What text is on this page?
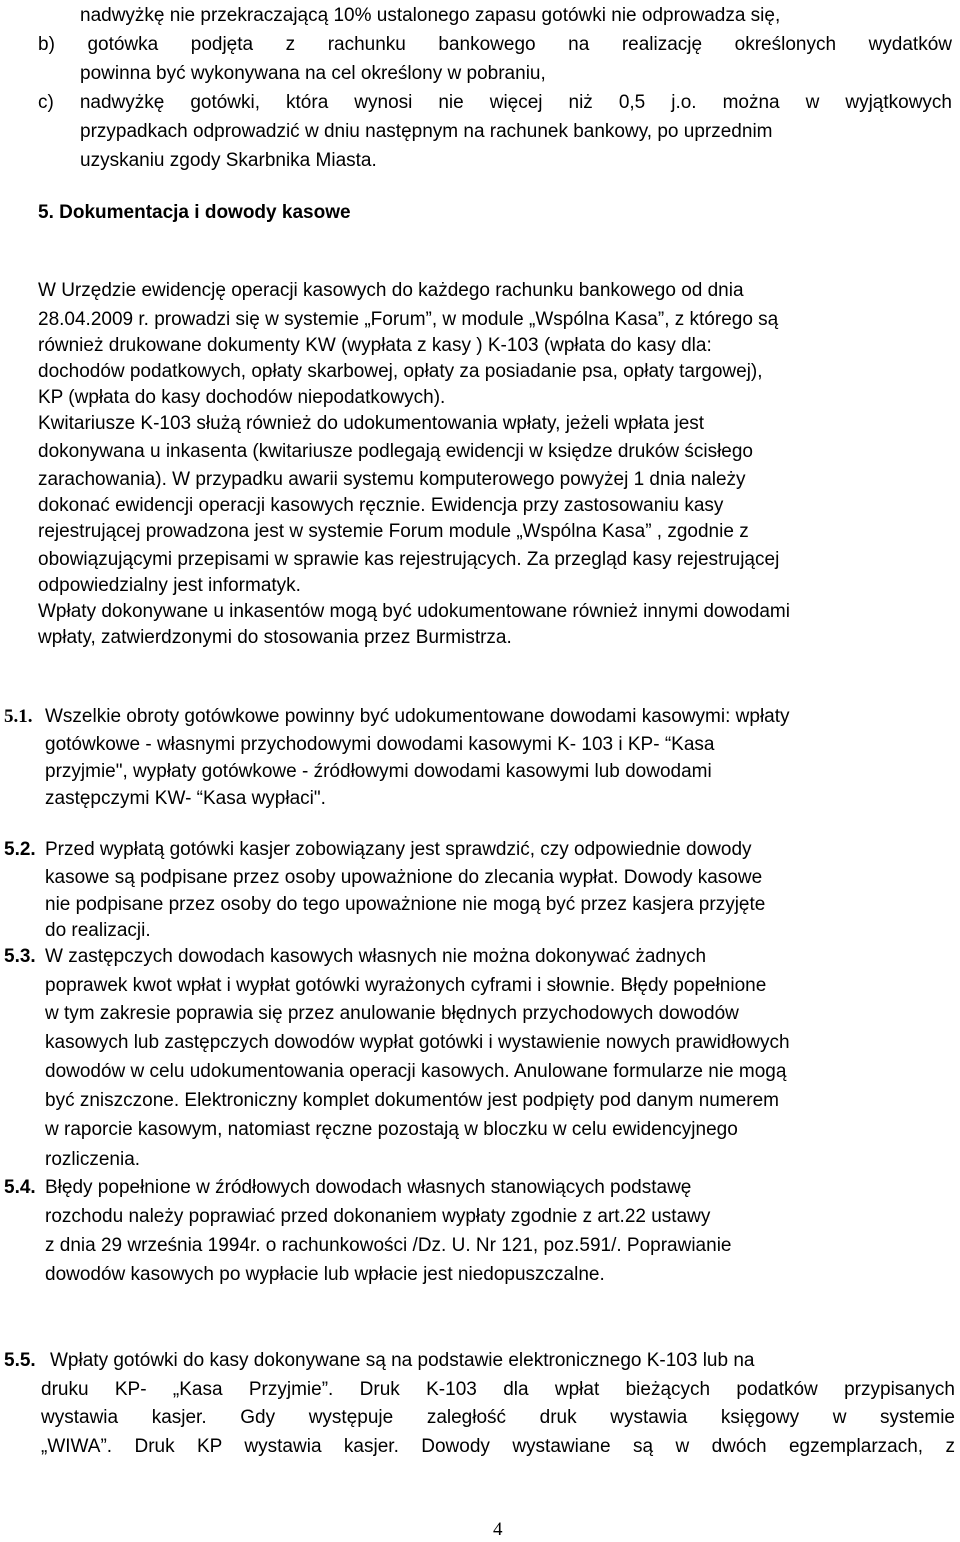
nadwyżkę nie przekraczającą 10% ustalonego zapasu gotówki nie odprowadza się,
b) gotówka podjęta z rachunku bankowego na realizację określonych wydatków
powinna być wykonywana na cel określony w pobraniu,
c) nadwyżkę gotówki, która wynosi nie więcej niż 0,5 j.o. można w wyjątkowych
przypadkach odprowadzić w dniu następnym na rachunek bankowy, po uprzednim
uzyskaniu zgody Skarbnika Miasta.
5. Dokumentacja i dowody kasowe
W Urzędzie ewidencję operacji kasowych do każdego rachunku bankowego od dnia
28.04.2009 r. prowadzi się w systemie „Forum”, w module „Wspólna Kasa”, z którego są
również drukowane dokumenty KW (wypłata z kasy ) K-103 (wpłata do kasy dla:
dochodów podatkowych, opłaty skarbowej, opłaty za posiadanie psa, opłaty targowej),
KP (wpłata do kasy dochodów niepodatkowych).
Kwitariusze K-103 służą również do udokumentowania wpłaty, jeżeli wpłata jest
dokonywana u inkasenta (kwitariusze podlegają ewidencji w księdze druków ścisłego
zarachowania). W przypadku awarii systemu komputerowego powyżej 1 dnia należy
dokonać ewidencji operacji kasowych ręcznie. Ewidencja przy zastosowaniu kasy
rejestrującej prowadzona jest w systemie Forum module „Wspólna Kasa” , zgodnie z
obowiązującymi przepisami w sprawie kas rejestrujących. Za przegląd kasy rejestrującej
odpowiedzialny jest informatyk.
Wpłaty dokonywane u inkasentów mogą być udokumentowane również innymi dowodami
wpłaty, zatwierdzonymi do stosowania przez Burmistrza.
5.1. Wszelkie obroty gotówkowe powinny być udokumentowane dowodami kasowymi: wpłaty
gotówkowe - własnymi przychodowymi dowodami kasowymi K- 103 i KP- “Kasa
przyjmie", wypłaty gotówkowe - źródłowymi dowodami kasowymi lub dowodami
zastępczymi KW- “Kasa wypłaci".
5.2. Przed wypłatą gotówki kasjer zobowiązany jest sprawdzić, czy odpowiednie dowody
kasowe są podpisane przez osoby upoważnione do zlecania wypłat. Dowody kasowe
nie podpisane przez osoby do tego upoważnione nie mogą być przez kasjera przyjęte
do realizacji.
5.3. W zastępczych dowodach kasowych własnych nie można dokonywać żadnych
poprawek kwot wpłat i wypłat gotówki wyrażonych cyframi i słownie. Błędy popełnione
w tym zakresie poprawia się przez anulowanie błędnych przychodowych dowodów
kasowych lub zastępczych dowodów wypłat gotówki i wystawienie nowych prawidłowych
dowodów w celu udokumentowania operacji kasowych. Anulowane formularze nie mogą
być zniszczone. Elektroniczny komplet dokumentów jest podpięty pod danym numerem
w raporcie kasowym, natomiast ręczne pozostają w bloczku w celu ewidencyjnego
rozliczenia.
5.4. Błędy popełnione w źródłowych dowodach własnych stanowiących podstawę
rozchodu należy poprawiać przed dokonaniem wypłaty zgodnie z art.22 ustawy
z dnia 29 września 1994r. o rachunkowości /Dz. U. Nr 121, poz.591/. Poprawianie
dowodów kasowych po wypłacie lub wpłacie jest niedopuszczalne.
5.5. Wpłaty gotówki do kasy dokonywane są na podstawie elektronicznego K-103 lub na
druku KP- „Kasa Przyjmie”. Druk K-103 dla wpłat bieżących podatków przypisanych
wystawia kasjer. Gdy występuje zaległość druk wystawia księgowy w systemie
„WIWA”. Druk KP wystawia kasjer. Dowody wystawiane są w dwóch egzemplarzach, z
4
